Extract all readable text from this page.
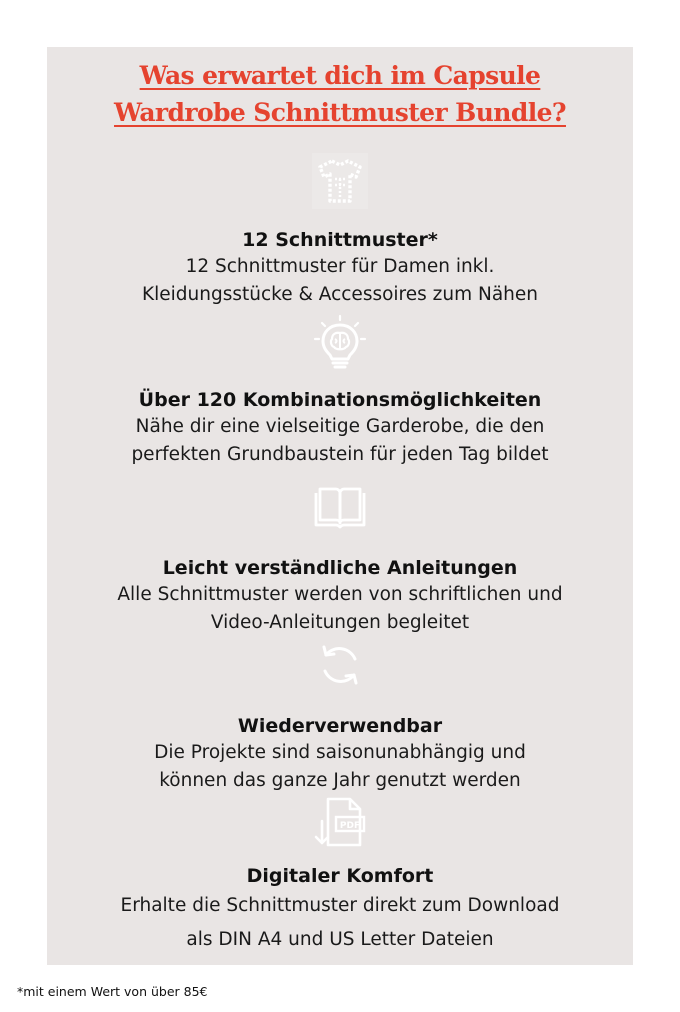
Was erwartet dich im Capsule
Wardrobe Schnittmuster Bundle?
12 Schnittmuster*
12 Schnittmuster für Damen inkl.
Kleidungsstücke & Accessoires zum Nähen
Über 120 Kombinationsmöglichkeiten
Nähe dir eine vielseitige Garderobe, die den
perfekten Grundbaustein für jeden Tag bildet
Leicht verständliche Anleitungen
Alle Schnittmuster werden von schriftlichen und
Video-Anleitungen begleitet
Wiederverwendbar
Die Projekte sind saisonunabhängig und
können das ganze Jahr genutzt werden
PDF
Digitaler Komfort
Erhalte die Schnittmuster direkt zum Download
als DIN A4 und US Letter Dateien
*mit einem Wert von über 85€
